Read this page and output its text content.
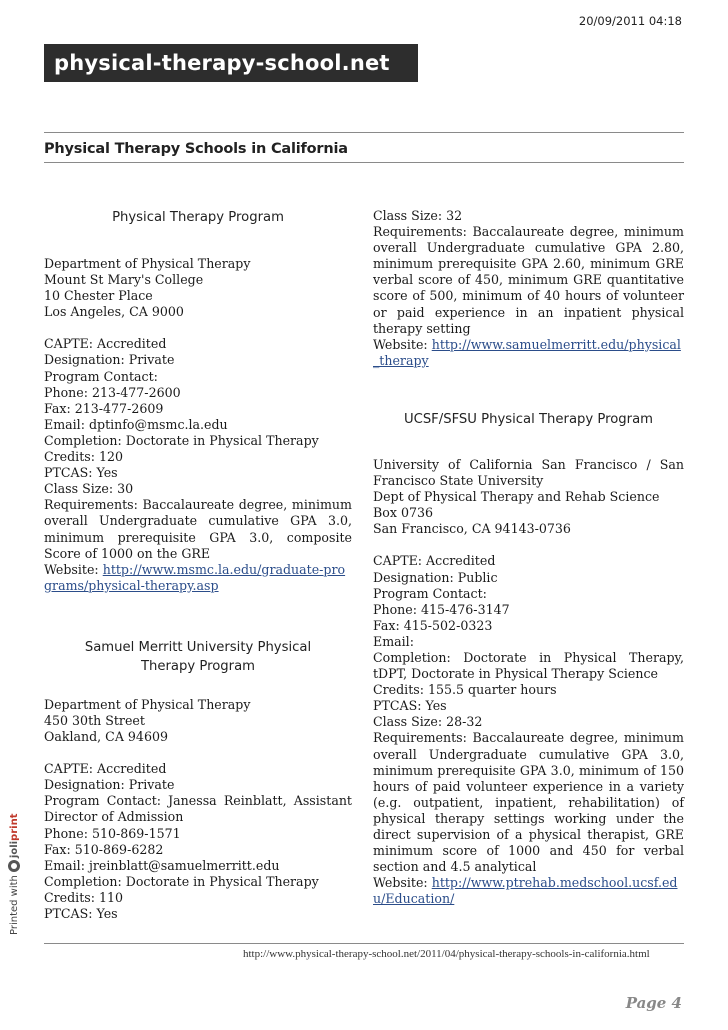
20/09/2011 04:18
physical-therapy-school.net
Physical Therapy Schools in California
Physical Therapy Program

Department of Physical Therapy

Mount St Mary's College

10 Chester Place

Los Angeles, CA 9000

CAPTE: Accredited

Designation: Private

Program Contact:

Phone: 213-477-2600

Fax: 213-477-2609

Email: dptinfo@msmc.la.edu

Completion: Doctorate in Physical Therapy

Credits: 120

PTCAS: Yes

Class Size: 30

Requirements: Baccalaureate degree, minimum overall Undergraduate cumulative GPA 3.0, minimum prerequisite GPA 3.0, composite Score of 1000 on the GRE

Website: http://www.msmc.la.edu/graduate-programs/physical-therapy.asp

Samuel Merritt University Physical
Therapy Program

Department of Physical Therapy

450 30th Street

Oakland, CA 94609

CAPTE: Accredited

Designation: Private

Program Contact: Janessa Reinblatt, Assistant Director of Admission

Phone: 510-869-1571

Fax: 510-869-6282

Email: jreinblatt@samuelmerritt.edu

Completion: Doctorate in Physical Therapy

Credits: 110

PTCAS: Yes

Class Size: 32

Requirements: Baccalaureate degree, minimum overall Undergraduate cumulative GPA 2.80, minimum prerequisite GPA 2.60, minimum GRE verbal score of 450, minimum GRE quantitative score of 500, minimum of 40 hours of volunteer or paid experience in an inpatient physical therapy setting

Website: http://www.samuelmerritt.edu/physical_therapy

UCSF/SFSU Physical Therapy Program

University of California San Francisco / San Francisco State University

Dept of Physical Therapy and Rehab Science

Box 0736

San Francisco, CA 94143-0736

CAPTE: Accredited

Designation: Public

Program Contact:

Phone: 415-476-3147

Fax: 415-502-0323

Email:

Completion: Doctorate in Physical Therapy, tDPT, Doctorate in Physical Therapy Science

Credits: 155.5 quarter hours

PTCAS: Yes

Class Size: 28-32

Requirements: Baccalaureate degree, minimum overall Undergraduate cumulative GPA 3.0, minimum prerequisite GPA 3.0, minimum of 150 hours of paid volunteer experience in a variety (e.g. outpatient, inpatient, rehabilitation) of physical therapy settings working under the direct supervision of a physical therapist, GRE minimum score of 1000 and 450 for verbal section and 4.5 analytical

Website: http://www.ptrehab.medschool.ucsf.edu/Education/

http://www.physical-therapy-school.net/2011/04/physical-therapy-schools-in-california.html
Page 4
Printed with
joliprint
